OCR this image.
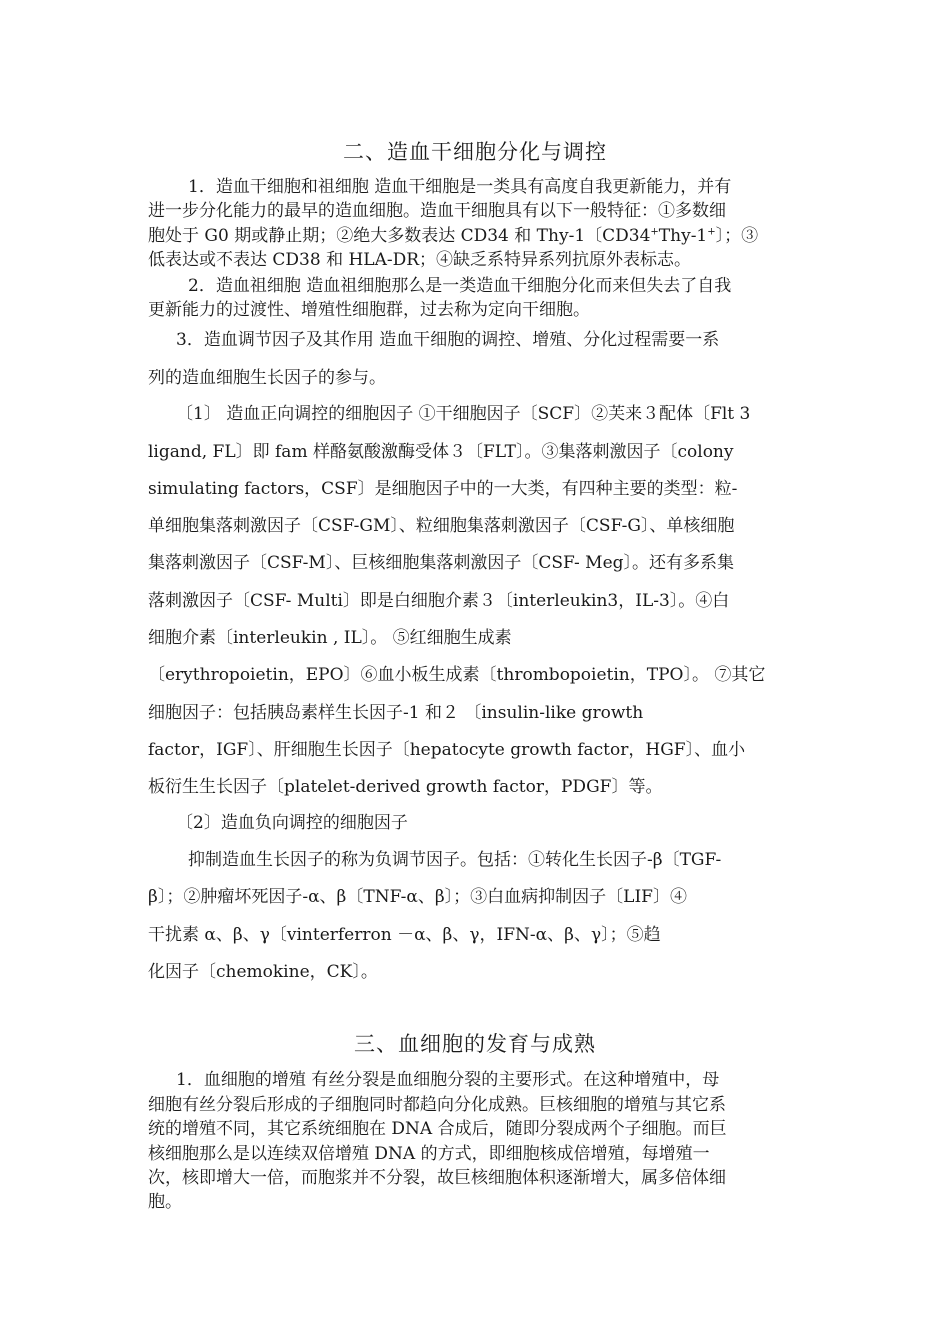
二、造血干细胞分化与调控
1．造血干细胞和祖细胞 造血干细胞是一类具有高度自我更新能力，并有
进一步分化能力的最早的造血细胞。造血干细胞具有以下一般特征：①多数细
胞处于 G0 期或静止期；②绝大多数表达 CD34 和 Thy-1〔CD34+Thy-1+〕；③
低表达或不表达 CD38 和 HLA-DR；④缺乏系特异系列抗原外表标志。
2．造血祖细胞 造血祖细胞那么是一类造血干细胞分化而来但失去了自我
更新能力的过渡性、增殖性细胞群，过去称为定向干细胞。
3．造血调节因子及其作用 造血干细胞的调控、增殖、分化过程需要一系
列的造血细胞生长因子的参与。
〔1〕 造血正向调控的细胞因子 ①干细胞因子〔SCF〕②芙来３配体〔Flt 3
ligand, FL〕即 fam 样酪氨酸激酶受体３〔FLT〕。③集落刺激因子〔colony
simulating factors，CSF〕是细胞因子中的一大类，有四种主要的类型：粒-
单细胞集落刺激因子〔CSF-GM〕、粒细胞集落刺激因子〔CSF-G〕、单核细胞
集落刺激因子〔CSF-M〕、巨核细胞集落刺激因子〔CSF- Meg〕。还有多系集
落刺激因子〔CSF- Multi〕即是白细胞介素３〔interleukin3，IL-3〕。④白
细胞介素〔interleukin , IL〕。 ⑤红细胞生成素
〔erythropoietin，EPO〕⑥血小板生成素〔thrombopoietin，TPO〕。 ⑦其它
细胞因子：包括胰岛素样生长因子-1 和２ 〔insulin-like growth
factor，IGF〕、肝细胞生长因子〔hepatocyte growth factor，HGF〕、血小
板衍生生长因子〔platelet-derived growth factor，PDGF〕等。
〔2〕造血负向调控的细胞因子
抑制造血生长因子的称为负调节因子。包括：①转化生长因子-β〔TGF-
β〕；②肿瘤坏死因子-α、β〔TNF-α、β〕；③白血病抑制因子〔LIF〕④
干扰素 α、β、γ〔vinterferron －α、β、γ，IFN-α、β、γ〕；⑤趋
化因子〔chemokine，CK〕。
三、血细胞的发育与成熟
1．血细胞的增殖 有丝分裂是血细胞分裂的主要形式。在这种增殖中，母
细胞有丝分裂后形成的子细胞同时都趋向分化成熟。巨核细胞的增殖与其它系
统的增殖不同，其它系统细胞在 DNA 合成后，随即分裂成两个子细胞。而巨
核细胞那么是以连续双倍增殖 DNA 的方式，即细胞核成倍增殖，每增殖一
次，核即增大一倍，而胞浆并不分裂，故巨核细胞体积逐渐增大，属多倍体细
胞。
